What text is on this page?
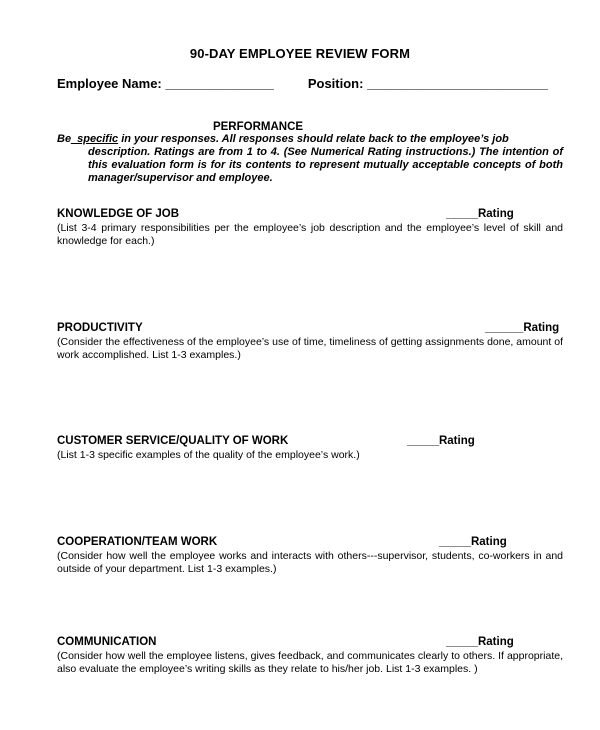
90-DAY EMPLOYEE REVIEW FORM
Employee Name: _______________	Position: _________________________
PERFORMANCE

Be_specific in your responses. All responses should relate back to the employee’s job
description. Ratings are from 1 to 4. (See Numerical Rating instructions.) The intention of this evaluation form is for its contents to represent mutually acceptable concepts of both manager/supervisor and employee.

KNOWLEDGE OF JOB	_____Rating

(List 3-4 primary responsibilities per the employee’s job description and the employee’s level of skill and knowledge for each.)

PRODUCTIVITY	______Rating

(Consider the effectiveness of the employee’s use of time, timeliness of getting assignments done, amount of work accomplished. List 1-3 examples.)

CUSTOMER SERVICE/QUALITY OF WORK	_____Rating

(List 1-3 specific examples of the quality of the employee’s work.)

COOPERATION/TEAM WORK	_____Rating

(Consider how well the employee works and interacts with others---supervisor, students, co-workers in and outside of your department. List 1-3 examples.)

COMMUNICATION	_____Rating

(Consider how well the employee listens, gives feedback, and communicates clearly to others. If appropriate, also evaluate the employee’s writing skills as they relate to his/her job. List 1-3 examples. )
